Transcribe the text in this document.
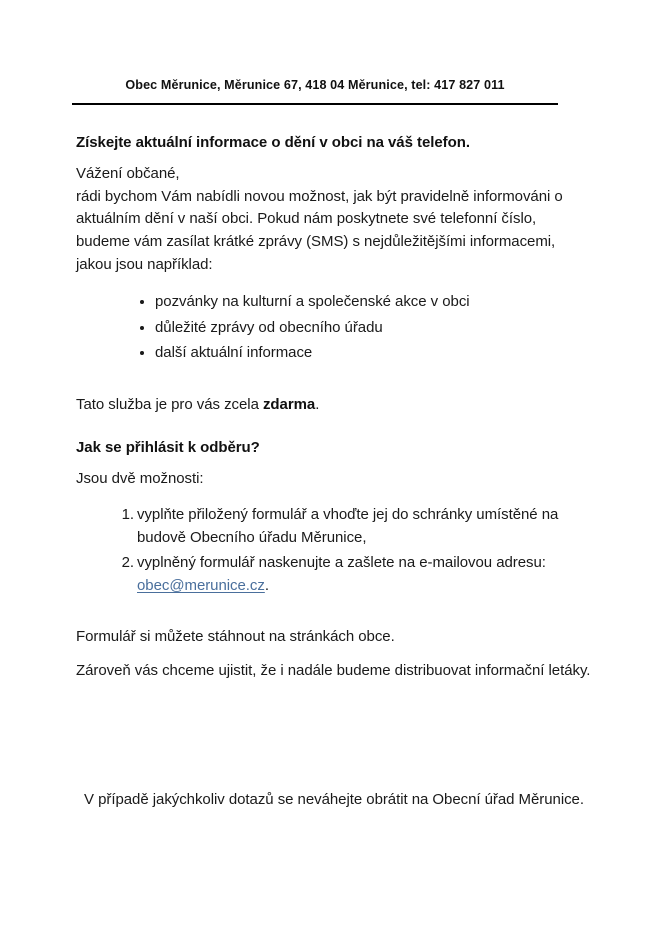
Obec Měrunice, Měrunice 67, 418 04 Měrunice, tel: 417 827 011

Získejte aktuální informace o dění v obci na váš telefon.

Vážení občané,

rádi bychom Vám nabídli novou možnost, jak být pravidelně informováni o aktuálním dění v naší obci. Pokud nám poskytnete své telefonní číslo, budeme vám zasílat krátké zprávy (SMS) s nejdůležitějšími informacemi, jakou jsou například:

pozvánky na kulturní a společenské akce v obci
důležité zprávy od obecního úřadu
další aktuální informace

Tato služba je pro vás zcela zdarma.

Jak se přihlásit k odběru?

Jsou dvě možnosti:

vyplňte přiložený formulář a vhoďte jej do schránky umístěné na budově Obecního úřadu Měrunice,
vyplněný formulář naskenujte a zašlete na e-mailovou adresu: obec@merunice.cz.

Formulář si můžete stáhnout na stránkách obce.

Zároveň vás chceme ujistit, že i nadále budeme distribuovat informační letáky.

V případě jakýchkoliv dotazů se neváhejte obrátit na Obecní úřad Měrunice.
